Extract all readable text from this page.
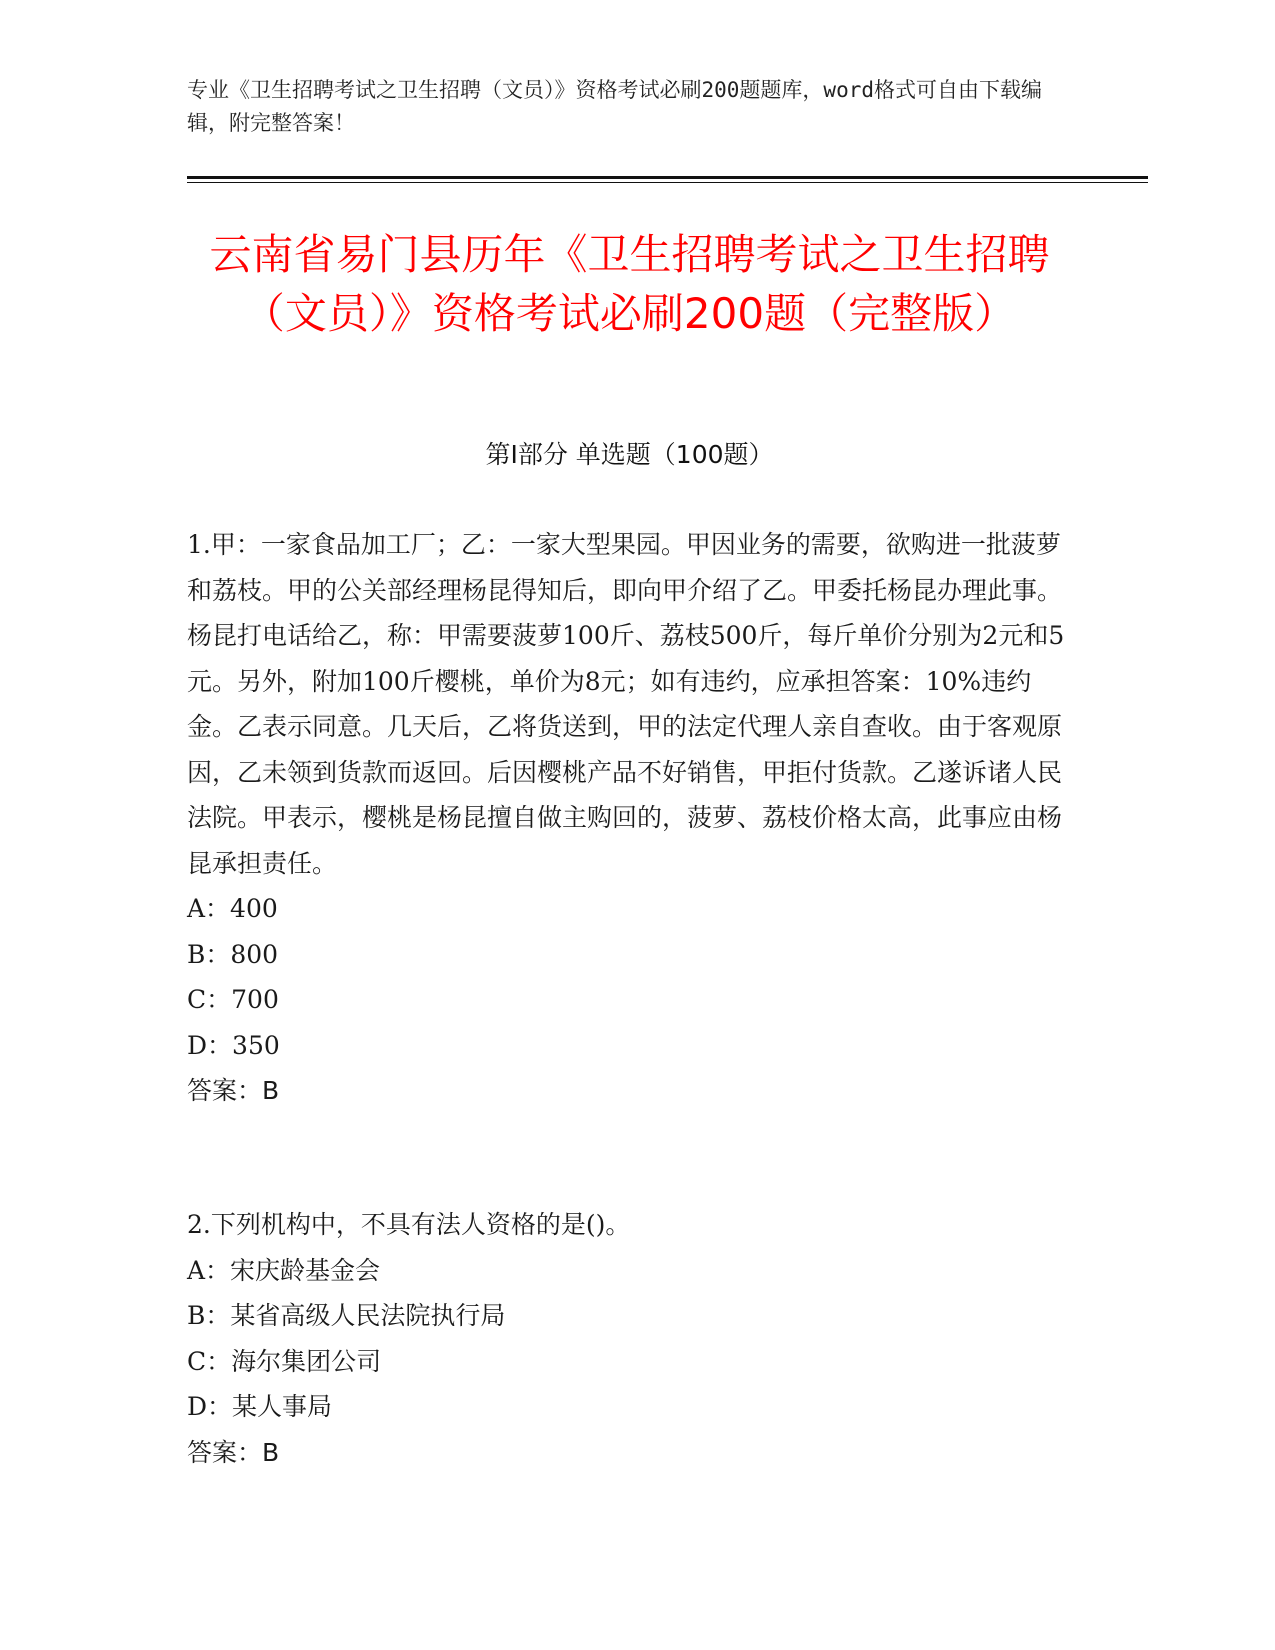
专业《卫生招聘考试之卫生招聘（文员）》资格考试必刷200题题库，word格式可自由下载编辑，附完整答案！
云南省易门县历年《卫生招聘考试之卫生招聘（文员）》资格考试必刷200题（完整版）
第I部分 单选题（100题）

1.甲：一家食品加工厂；乙：一家大型果园。甲因业务的需要，欲购进一批菠萝和荔枝。甲的公关部经理杨昆得知后，即向甲介绍了乙。甲委托杨昆办理此事。杨昆打电话给乙，称：甲需要菠萝100斤、荔枝500斤，每斤单价分别为2元和5元。另外，附加100斤樱桃，单价为8元；如有违约，应承担答案：10%违约金。乙表示同意。几天后，乙将货送到，甲的法定代理人亲自查收。由于客观原因，乙未领到货款而返回。后因樱桃产品不好销售，甲拒付货款。乙遂诉诸人民法院。甲表示，樱桃是杨昆擅自做主购回的，菠萝、荔枝价格太高，此事应由杨昆承担责任。

A：400

B：800

C：700

D：350

答案：B

2.下列机构中，不具有法人资格的是()。

A：宋庆龄基金会

B：某省高级人民法院执行局

C：海尔集团公司

D：某人事局

答案：B
